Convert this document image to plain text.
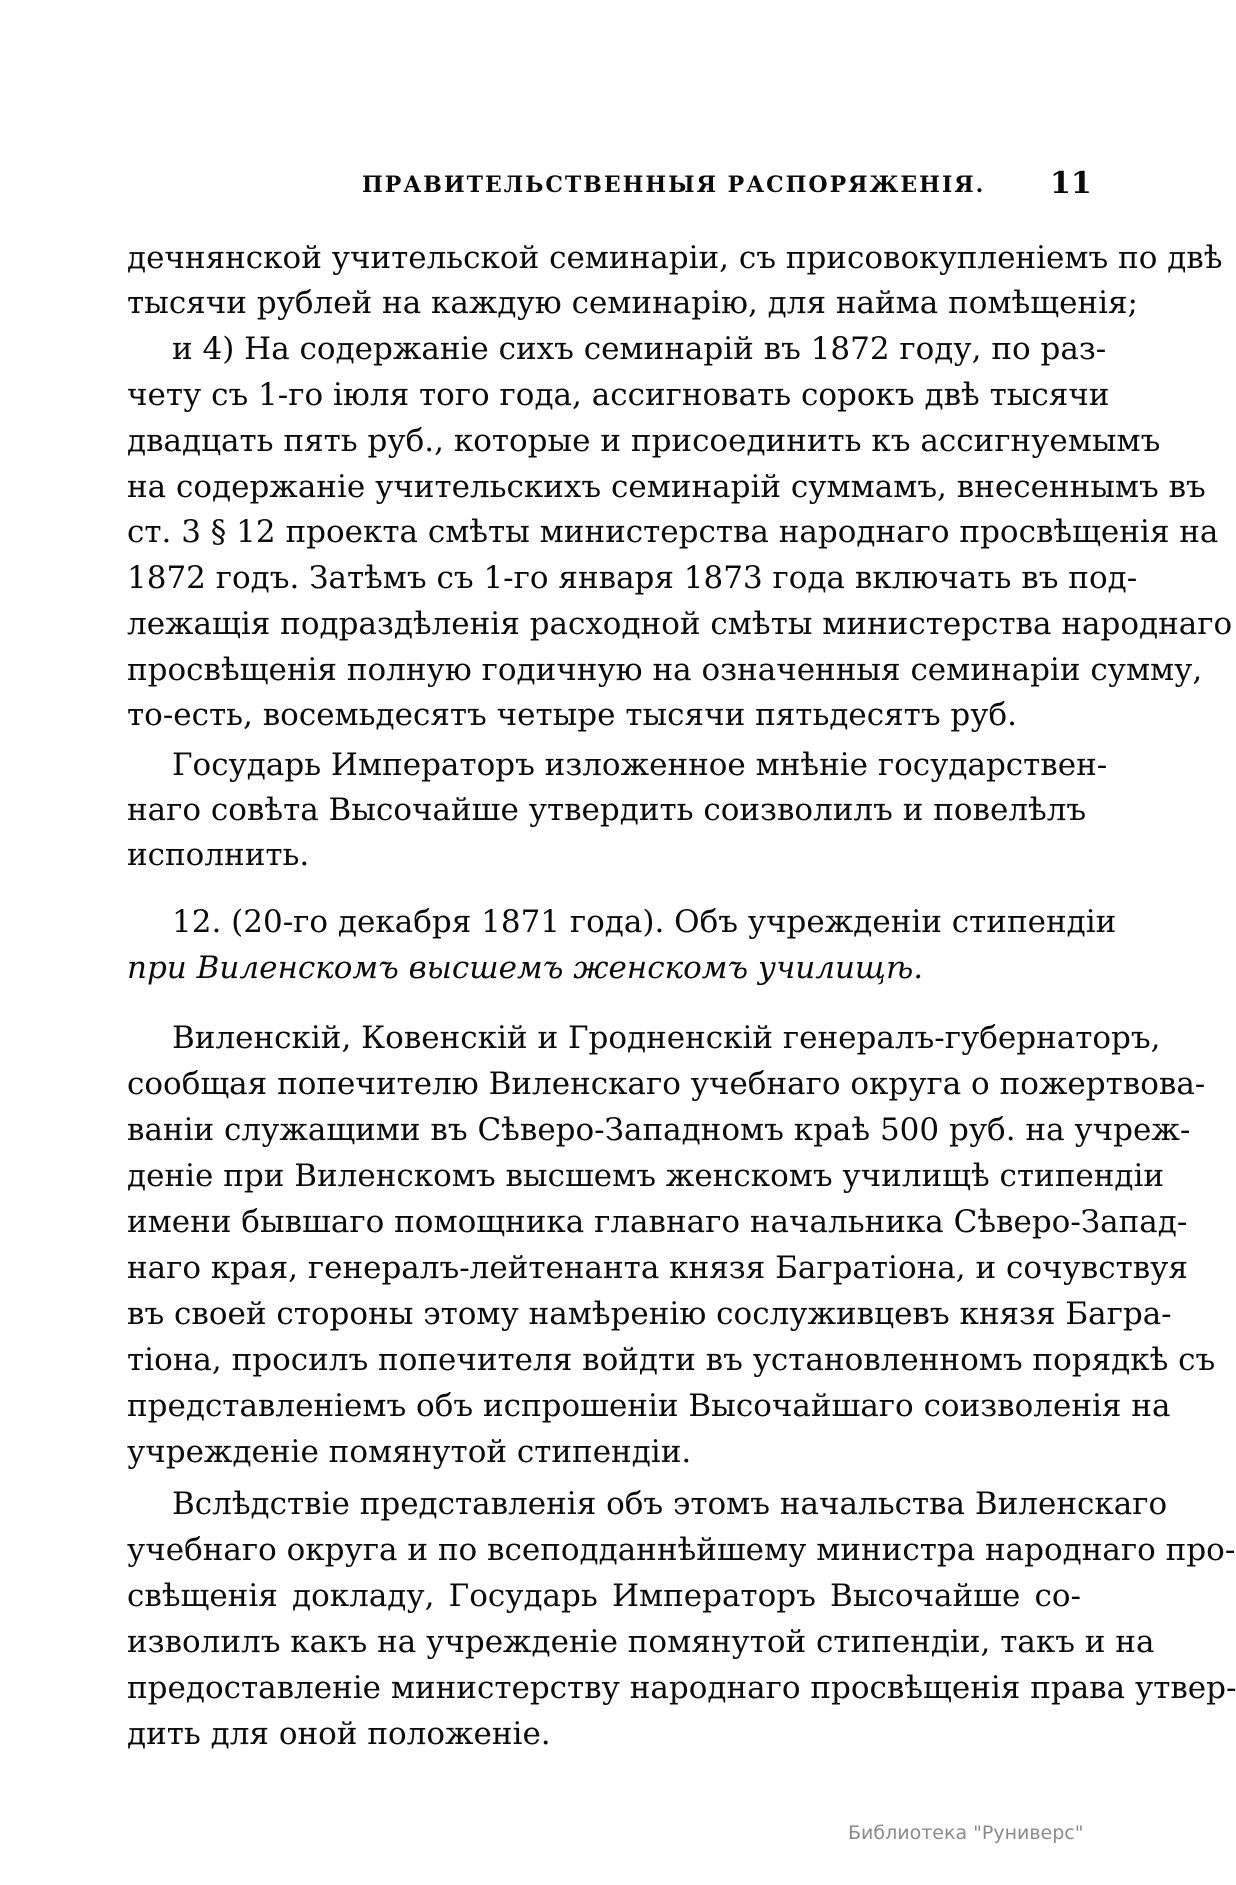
ПРАВИТЕЛЬСТВЕННЫЯ РАСПОРЯЖЕНІЯ. 11
дечнянской учительской семинаріи, съ присовокупленіемъ по двѣ
тысячи рублей на каждую семинарію, для найма помѣщенія;
и 4) На содержаніе сихъ семинарій въ 1872 году, по раз-
чету съ 1-го іюля того года, ассигновать сорокъ двѣ тысячи
двадцать пять руб., которые и присоединить къ ассигнуемымъ
на содержаніе учительскихъ семинарій суммамъ, внесеннымъ въ
ст. 3 § 12 проекта смѣты министерства народнаго просвѣщенія на
1872 годъ. Затѣмъ съ 1-го января 1873 года включать въ под-
лежащія подраздѣленія расходной смѣты министерства народнаго
просвѣщенія полную годичную на означенныя семинаріи сумму,
то-есть, восемьдесятъ четыре тысячи пятьдесятъ руб.
Государь Императоръ изложенное мнѣніе государствен-
наго совѣта Высочайше утвердить соизволилъ и повелѣлъ
исполнить.
12. (20-го декабря 1871 года). Объ учрежденіи стипендіи
при Виленскомъ высшемъ женскомъ училищѣ.
Виленскій, Ковенскій и Гродненскій генералъ-губернаторъ,
сообщая попечителю Виленскаго учебнаго округа о пожертвова-
ваніи служащими въ Сѣверо-Западномъ краѣ 500 руб. на учреж-
деніе при Виленскомъ высшемъ женскомъ училищѣ стипендіи
имени бывшаго помощника главнаго начальника Сѣверо-Запад-
наго края, генералъ-лейтенанта князя Багратіона, и сочувствуя
въ своей стороны этому намѣренію сослуживцевъ князя Багра-
тіона, просилъ попечителя войдти въ установленномъ порядкѣ съ
представленіемъ объ испрошеніи Высочайшаго соизволенія на
учрежденіе помянутой стипендіи.
Вслѣдствіе представленія объ этомъ начальства Виленскаго
учебнаго округа и по всеподданнѣйшему министра народнаго про-
свѣщенія докладу, Государь Императоръ Высочайше со-
изволилъ какъ на учрежденіе помянутой стипендіи, такъ и на
предоставленіе министерству народнаго просвѣщенія права утвер-
дить для оной положеніе.
Библиотека "Руниверс"
